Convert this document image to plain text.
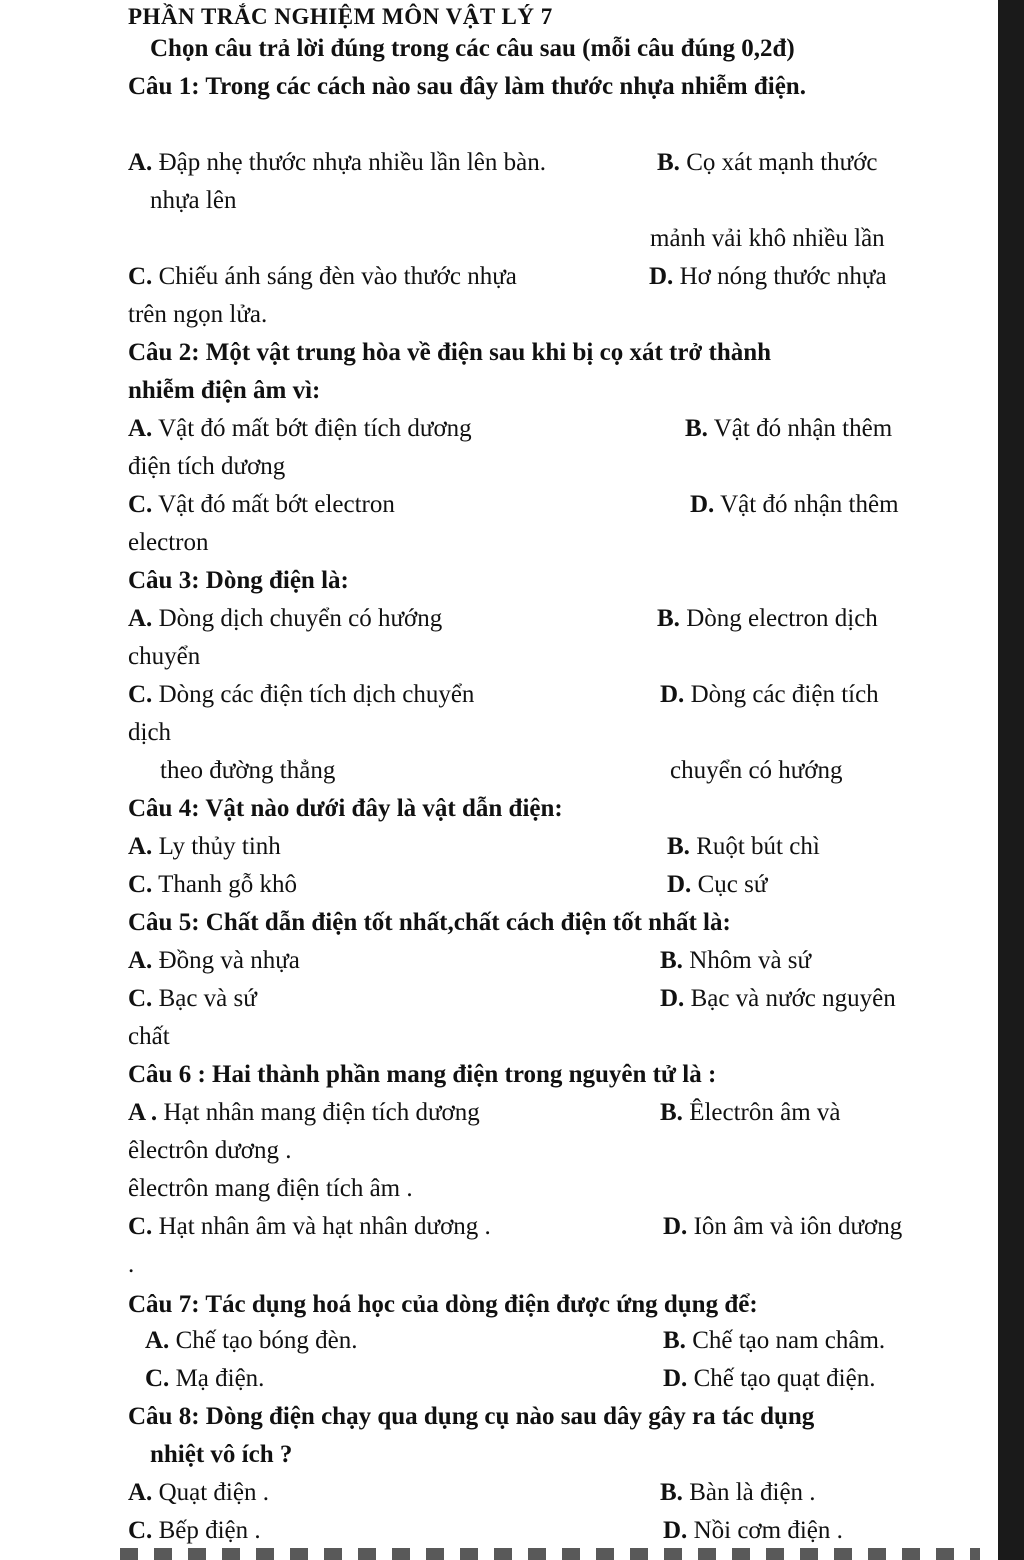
PHẦN TRẮC NGHIỆM MÔN VẬT LÝ 7
Chọn câu trả lời đúng trong các câu sau (mỗi câu đúng 0,2đ)
Câu 1: Trong các cách nào sau đây làm thước nhựa nhiễm điện.
A. Đập nhẹ thước nhựa nhiều lần lên bàn.	B. Cọ xát mạnh thước
nhựa lên
mảnh vải khô nhiều lần
C. Chiếu ánh sáng đèn vào thước nhựa	D. Hơ nóng thước nhựa
trên ngọn lửa.
Câu 2: Một vật trung hòa về điện sau khi bị cọ xát trở thành
nhiễm điện âm vì:
A. Vật đó mất bớt điện tích dương	B. Vật đó nhận thêm
điện tích dương
C. Vật đó mất bớt electron	D. Vật đó nhận thêm
electron
Câu 3: Dòng điện là:
A. Dòng dịch chuyển có hướng	B. Dòng electron dịch
chuyển
C. Dòng các điện tích dịch chuyển	D. Dòng các điện tích
dịch
theo đường thẳng	chuyển có hướng
Câu 4: Vật nào dưới đây là vật dẫn điện:
A. Ly thủy tinh	B. Ruột bút chì
C. Thanh gỗ khô	D. Cục sứ
Câu 5: Chất dẫn điện tốt nhất,chất cách điện tốt nhất là:
A. Đồng và nhựa	B. Nhôm và sứ
C. Bạc và sứ	D. Bạc và nước nguyên
chất
Câu 6 : Hai thành phần mang điện trong nguyên tử là :
A . Hạt nhân mang điện tích dương	B. Êlectrôn âm và
êlectrôn dương .
êlectrôn mang điện tích âm .
C. Hạt nhân âm và hạt nhân dương .	D. Iôn âm và iôn dương
.
Câu 7: Tác dụng hoá học của dòng điện được ứng dụng để:
A. Chế tạo bóng đèn.	B. Chế tạo nam châm.
C. Mạ điện.	D. Chế tạo quạt điện.
Câu 8: Dòng điện chạy qua dụng cụ nào sau dây gây ra tác dụng
nhiệt vô ích ?
A. Quạt điện .	B. Bàn là điện .
C. Bếp điện .	D. Nồi cơm điện .
